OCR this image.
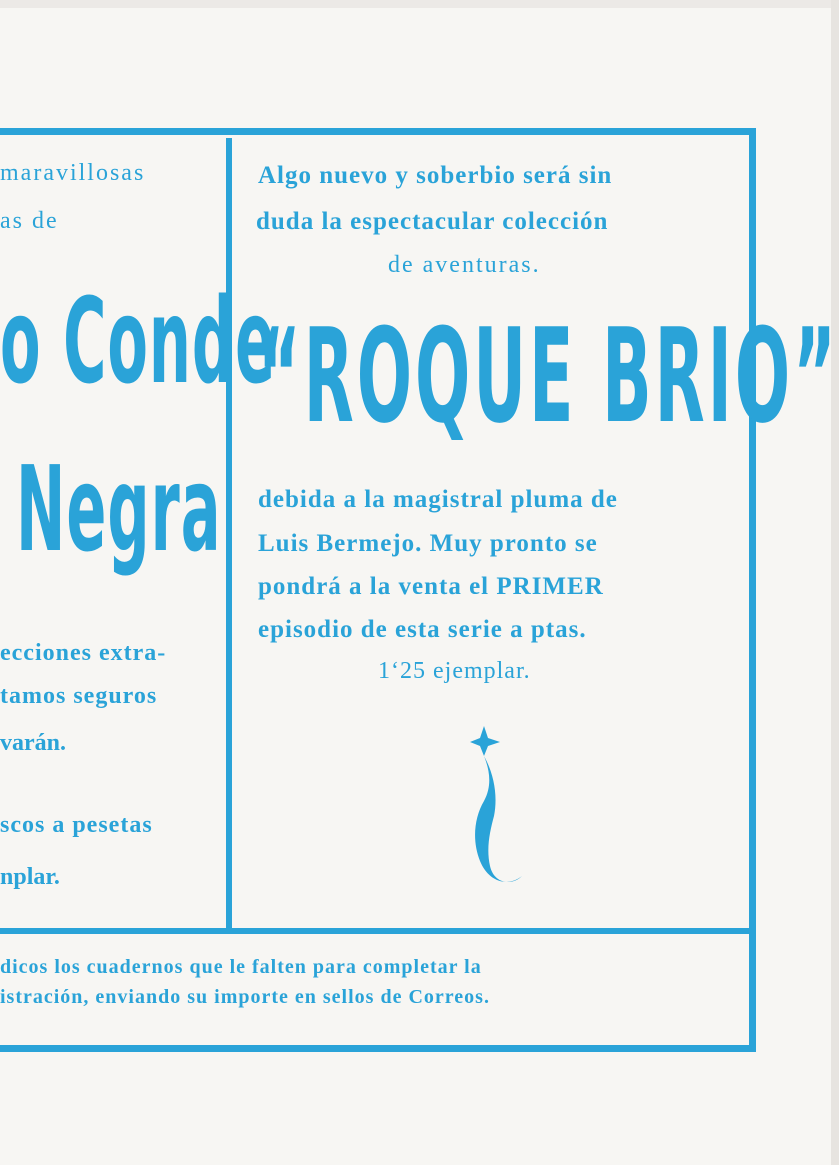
maravillosas
as de
o Conde
Negra
ecciones extra-
tamos seguros
varán.
scos a pesetas
nplar.
Algo nuevo y soberbio será sin
duda la espectacular colección
de aventuras.
“ROQUE BRIO”
debida a la magistral pluma de
Luis Bermejo. Muy pronto se
pondrá a la venta el PRIMER
episodio de esta serie a ptas.
1‘25 ejemplar.
dicos los cuadernos que le falten para completar la
istración, enviando su importe en sellos de Correos.
